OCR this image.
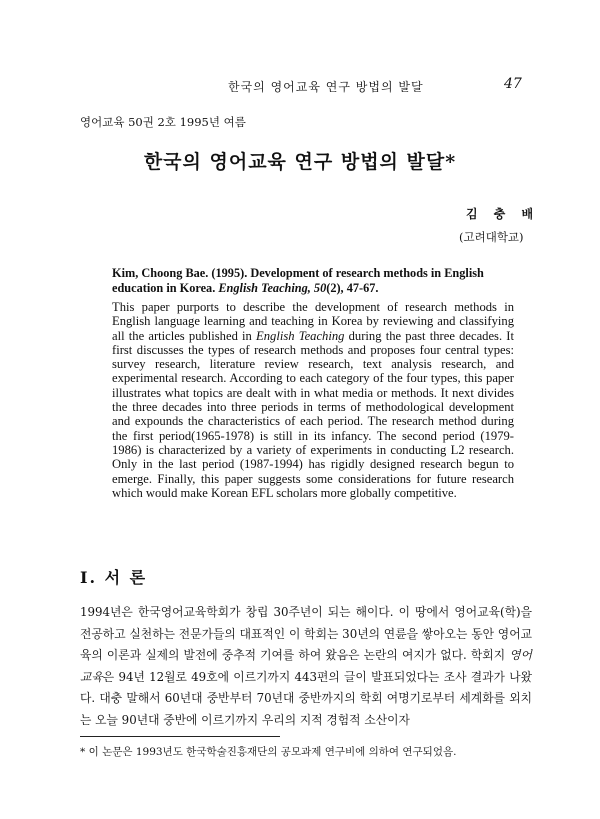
한국의 영어교육 연구 방법의 발달	47
영어교육 50권 2호 1995년 여름
한국의 영어교육 연구 방법의 발달*
김 충 배
(고려대학교)
Kim, Choong Bae. (1995). Development of research methods in English education in Korea. English Teaching, 50(2), 47-67.
This paper purports to describe the development of research methods in English language learning and teaching in Korea by reviewing and classifying all the articles published in English Teaching during the past three decades. It first discusses the types of research methods and proposes four central types: survey research, literature review research, text analysis research, and experimental research. According to each category of the four types, this paper illustrates what topics are dealt with in what media or methods. It next divides the three decades into three periods in terms of methodological development and expounds the characteristics of each period. The research method during the first period(1965-1978) is still in its infancy. The second period (1979-1986) is characterized by a variety of experiments in conducting L2 research. Only in the last period (1987-1994) has rigidly designed research begun to emerge. Finally, this paper suggests some considerations for future research which would make Korean EFL scholars more globally competitive.
Ⅰ. 서 론
1994년은 한국영어교육학회가 창립 30주년이 되는 해이다. 이 땅에서 영어교육(학)을 전공하고 실천하는 전문가들의 대표적인 이 학회는 30년의 연륜을 쌓아오는 동안 영어교육의 이론과 실제의 발전에 중추적 기여를 하여 왔음은 논란의 여지가 없다. 학회지 영어교육은 94년 12월로 49호에 이르기까지 443편의 글이 발표되었다는 조사 결과가 나왔다. 대충 말해서 60년대 중반부터 70년대 중반까지의 학회 여명기로부터 세계화를 외치는 오늘 90년대 중반에 이르기까지 우리의 지적 경험적 소산이자
* 이 논문은 1993년도 한국학술진흥재단의 공모과제 연구비에 의하여 연구되었음.
